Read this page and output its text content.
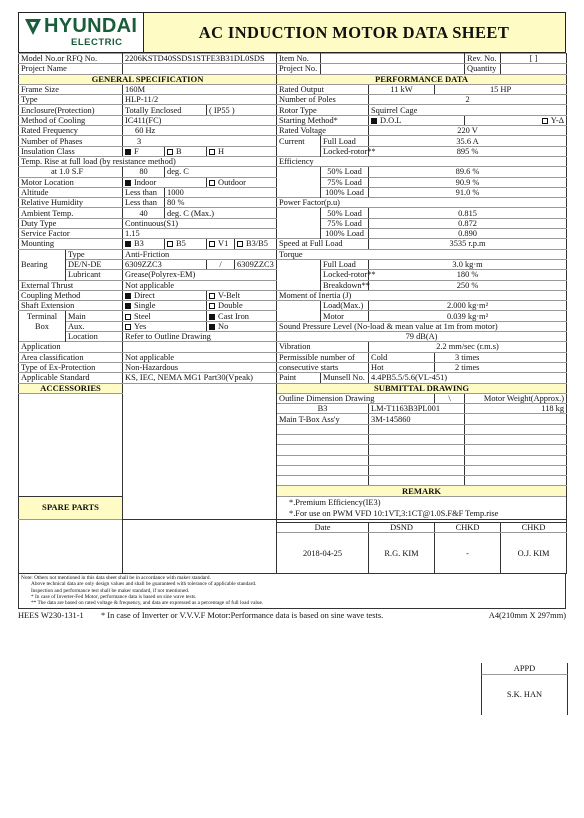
HYUNDAI
ELECTRIC
AC INDUCTION MOTOR DATA SHEET
Model No.or RFQ No.		2206KSTD40SSDS1STFE3B31DL0SDS				Item No.				Rev. No.	[ ]
Project Name						Project No.				Quantity	
GENERAL SPECIFICATION						PERFORMANCE DATA					
Frame Size		160M				Rated Output		11 kW	15 HP		
Type		HLP-11/2				Number of Poles		2			
Enclosure(Protection)		Totally Enclosed		( IP55 )		Rotor Type		Squirrel Cage			
Method of Cooling		IC411(FC)				Starting Method*		D.O.L		Y-Δ	
Rated Frequency		60 Hz				Rated Voltage		220 V			
Number of Phases		3				Current	Full Load	35.6 A			
Insulation Class		F	B	H			Locked-rotor**	895 %			
Temp. Rise at full load (by resistance method)						Efficiency					
at 1.0 S.F		80	deg. C				50% Load	89.6 %			
Motor Location		Indoor		Outdoor			75% Load	90.9 %			
Altitude		Less than	1000				100% Load	91.0 %			
Relative Humidity		Less than	80 %			Power Factor(p.u)					
Ambient Temp.		40	deg. C (Max.)				50% Load	0.815			
Duty Type		Continuous(S1)					75% Load	0.872			
Service Factor		1.15					100% Load	0.890			
Mounting		B3	B5	V1	B3/B5	Speed at Full Load		3535 r.p.m			
	Type	Anti-Friction				Torque					
Bearing	DE/N-DE	6309ZZC3		/	6309ZZC3		Full Load	3.0 kg·m			
	Lubricant	Grease(Polyrex-EM)					Locked-rotor**	180 %			
External Thrust		Not applicable					Breakdown**	250 %			
Coupling Method		Direct		V-Belt		Moment of Inertia (J)					
Shaft Extension		Single		Double			Load(Max.)	2.000 kg·m²			
Terminal	Main	Steel		Cast Iron			Motor	0.039 kg·m²			
Box	Aux.	Yes		No		Sound Pressure Level (No-load & mean value at 1m from motor)					
	Location	Refer to Outline Drawing				79 dB(A)					
Application						Vibration		2.2 mm/sec (r.m.s)			
Area classification		Not applicable				Permissible number of		Cold	3 times		
Type of Ex-Protection		Non-Hazardous				consecutive starts		Hot	2 times		
Applicable Standard		KS, IEC, NEMA MG1 Part30(Vpeak)				Paint	Munsell No.	4.4PB5.5/5.6(VL-451)			
ACCESSORIES						SUBMITTAL DRAWING					
						Outline Dimension Drawing			\	Motor Weight(Approx.)	
						B3		LM-T1163B3PL001		118 kg	
						Main T-Box Ass'y		3M-145860			

						REMARK					

						*.Premium Efficiency(IE3)
*.For use on PWM VFD 10:1VT,3:1CT@1.0S.F&F Temp.rise					

SPARE PARTS											

						Date		DSND	CHKD		CHKD
						2018-04-25		R.G. KIM	-		O.J. KIM

Note: Others not mentioned in this data sheet shall be in accordance with maker standard.
Above technical data are only design values and shall be guaranteed with tolerance of applicable standard.
Inspection and performance test shall be maker standard, if not mentioned.
* In case of Inverter-Fed Motor, performance data is based on sine wave tests.
** The data are based on rated voltage & frequency, and data are expressed as a percentage of full load value.
HEES W230-131-1 * In case of Inverter or V.V.V.F Motor:Performance data is based on sine wave tests.	A4(210mm X 297mm)
APPD
S.K. HAN
